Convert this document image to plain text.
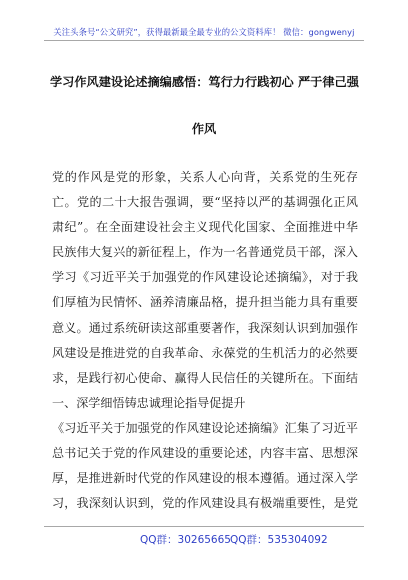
关注头条号“公文研究”，获得最新最全最专业的公文资料库！ 微信：gongwenyj
学习作风建设论述摘编感悟：笃行力行践初心 严于律己强
作风

党的作风是党的形象，关系人心向背，关系党的生死存亡。党的二十大报告强调，要“坚持以严的基调强化正风肃纪”。在全面建设社会主义现代化国家、全面推进中华民族伟大复兴的新征程上，作为一名普通党员干部，深入学习《习近平关于加强党的作风建设论述摘编》，对于我们厚植为民情怀、涵养清廉品格，提升担当能力具有重要意义。通过系统研读这部重要著作，我深刻认识到加强作风建设是推进党的自我革命、永葆党的生机活力的必然要求，是践行初心使命、赢得人民信任的关键所在。下面结

一、深学细悟铸忠诚理论指导促提升

《习近平关于加强党的作风建设论述摘编》汇集了习近平总书记关于党的作风建设的重要论述，内容丰富、思想深厚，是推进新时代党的作风建设的根本遵循。通过深入学习，我深刻认识到，党的作风建设具有极端重要性，是党

QQ群：30265665 QQ群：535304092
